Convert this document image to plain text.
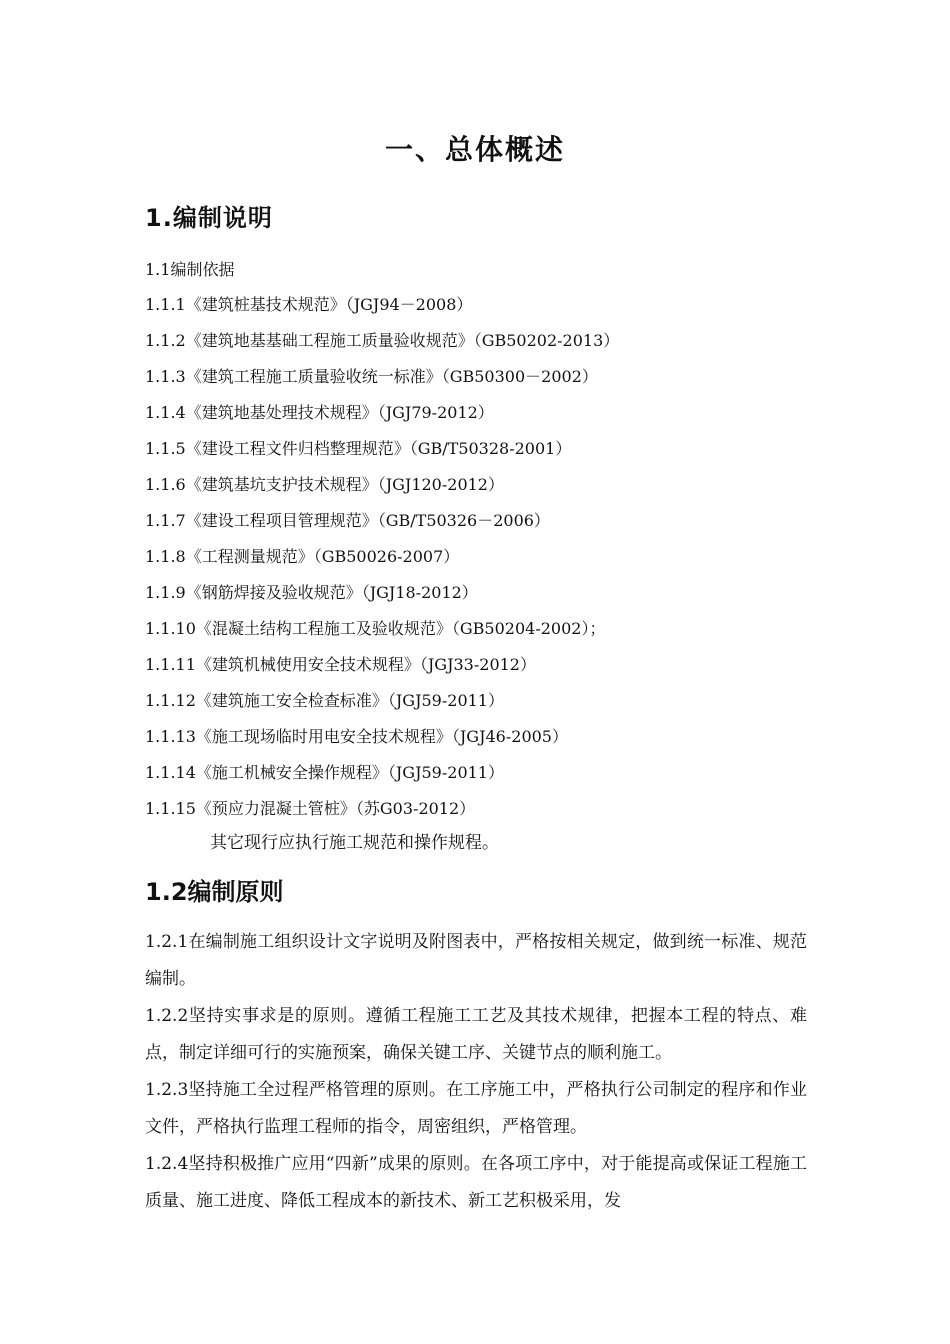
一、总体概述
1.编制说明
1.1编制依据
1.1.1《建筑桩基技术规范》（JGJ94－2008）
1.1.2《建筑地基基础工程施工质量验收规范》（GB50202-2013）
1.1.3《建筑工程施工质量验收统一标准》（GB50300－2002）
1.1.4《建筑地基处理技术规程》（JGJ79-2012）
1.1.5《建设工程文件归档整理规范》（GB/T50328-2001）
1.1.6《建筑基坑支护技术规程》（JGJ120-2012）
1.1.7《建设工程项目管理规范》（GB/T50326－2006）
1.1.8《工程测量规范》（GB50026-2007）
1.1.9《钢筋焊接及验收规范》（JGJ18-2012）
1.1.10《混凝土结构工程施工及验收规范》（GB50204-2002）；
1.1.11《建筑机械使用安全技术规程》（JGJ33-2012）
1.1.12《建筑施工安全检查标准》（JGJ59-2011）
1.1.13《施工现场临时用电安全技术规程》（JGJ46-2005）
1.1.14《施工机械安全操作规程》（JGJ59-2011）
1.1.15《预应力混凝土管桩》（苏G03-2012）
其它现行应执行施工规范和操作规程。
1.2编制原则

1.2.1在编制施工组织设计文字说明及附图表中，严格按相关规定，做到统一标准、规范编制。

1.2.2坚持实事求是的原则。遵循工程施工工艺及其技术规律，把握本工程的特点、难点，制定详细可行的实施预案，确保关键工序、关键节点的顺利施工。

1.2.3坚持施工全过程严格管理的原则。在工序施工中，严格执行公司制定的程序和作业文件，严格执行监理工程师的指令，周密组织，严格管理。

1.2.4坚持积极推广应用“四新”成果的原则。在各项工序中，对于能提高或保证工程施工质量、施工进度、降低工程成本的新技术、新工艺积极采用，发
